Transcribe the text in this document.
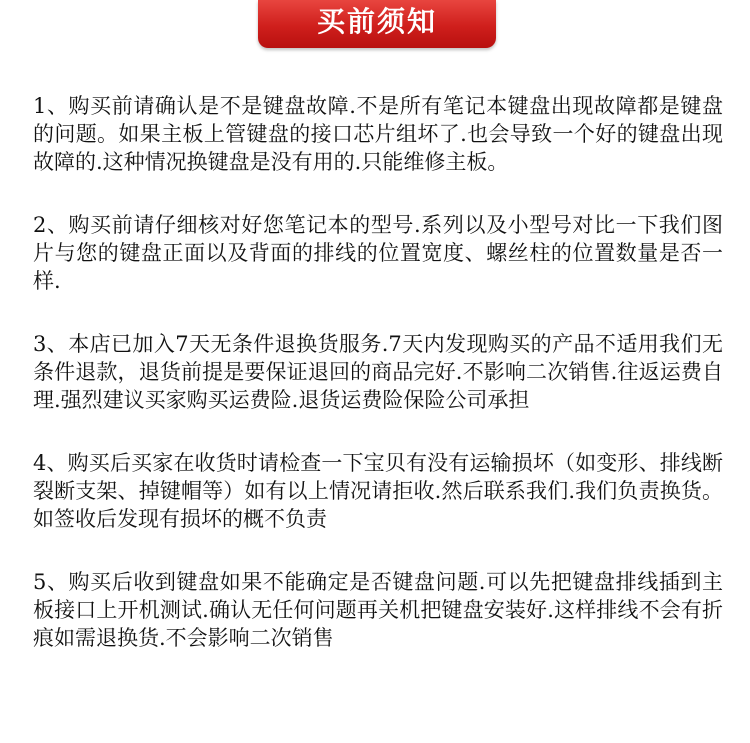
买前须知

1、购买前请确认是不是键盘故障.不是所有笔记本键盘出现故障都是键盘的问题。如果主板上管键盘的接口芯片组坏了.也会导致一个好的键盘出现故障的.这种情况换键盘是没有用的.只能维修主板。

2、购买前请仔细核对好您笔记本的型号.系列以及小型号对比一下我们图片与您的键盘正面以及背面的排线的位置宽度、螺丝柱的位置数量是否一样.

3、本店已加入7天无条件退换货服务.7天内发现购买的产品不适用我们无条件退款，退货前提是要保证退回的商品完好.不影响二次销售.往返运费自理.强烈建议买家购买运费险.退货运费险保险公司承担

4、购买后买家在收货时请检查一下宝贝有没有运输损坏（如变形、排线断裂断支架、掉键帽等）如有以上情况请拒收.然后联系我们.我们负责换货。如签收后发现有损坏的概不负责

5、购买后收到键盘如果不能确定是否键盘问题.可以先把键盘排线插到主板接口上开机测试.确认无任何问题再关机把键盘安装好.这样排线不会有折痕如需退换货.不会影响二次销售
